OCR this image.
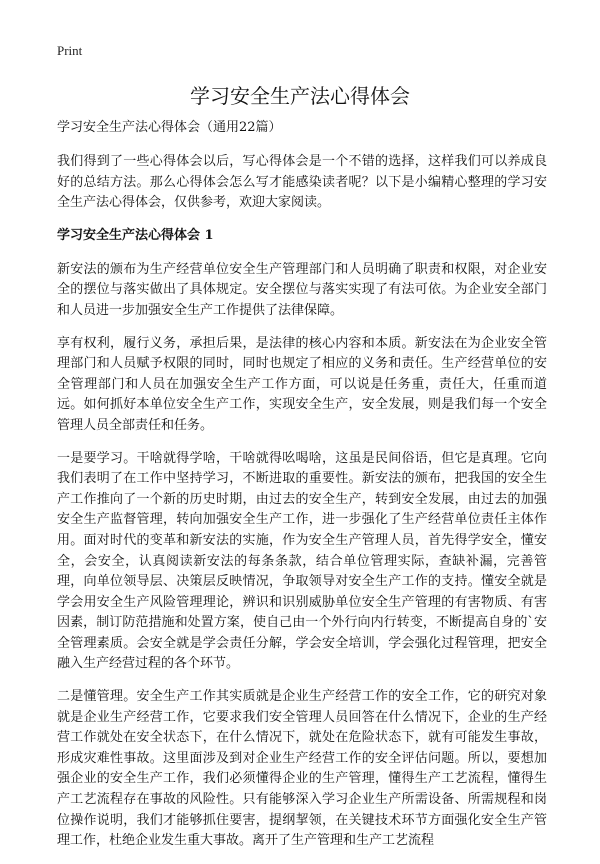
Print
学习安全生产法心得体会

学习安全生产法心得体会（通用22篇）

我们得到了一些心得体会以后，写心得体会是一个不错的选择，这样我们可以养成良好的总结方法。那么心得体会怎么写才能感染读者呢？以下是小编精心整理的学习安全生产法心得体会，仅供参考，欢迎大家阅读。

学习安全生产法心得体会 1

新安法的颁布为生产经营单位安全生产管理部门和人员明确了职责和权限，对企业安全的摆位与落实做出了具体规定。安全摆位与落实实现了有法可依。为企业安全部门和人员进一步加强安全生产工作提供了法律保障。

享有权利，履行义务，承担后果，是法律的核心内容和本质。新安法在为企业安全管理部门和人员赋予权限的同时，同时也规定了相应的义务和责任。生产经营单位的安全管理部门和人员在加强安全生产工作方面，可以说是任务重，责任大，任重而道远。如何抓好本单位安全生产工作，实现安全生产，安全发展，则是我们每一个安全管理人员全部责任和任务。

一是要学习。干啥就得学啥，干啥就得吆喝啥，这虽是民间俗语，但它是真理。它向我们表明了在工作中坚持学习，不断进取的重要性。新安法的颁布，把我国的安全生产工作推向了一个新的历史时期，由过去的安全生产，转到安全发展，由过去的加强安全生产监督管理，转向加强安全生产工作，进一步强化了生产经营单位责任主体作用。面对时代的变革和新安法的实施，作为安全生产管理人员，首先得学安全，懂安全，会安全，认真阅读新安法的每条条款，结合单位管理实际，查缺补漏，完善管理，向单位领导层、决策层反映情况，争取领导对安全生产工作的支持。懂安全就是学会用安全生产风险管理理论，辨识和识别威胁单位安全生产管理的有害物质、有害因素，制订防范措施和处置方案，使自己由一个外行向内行转变，不断提高自身的`安全管理素质。会安全就是学会责任分解，学会安全培训，学会强化过程管理，把安全融入生产经营过程的各个环节。

二是懂管理。安全生产工作其实质就是企业生产经营工作的安全工作，它的研究对象就是企业生产经营工作，它要求我们安全管理人员回答在什么情况下，企业的生产经营工作就处在安全状态下，在什么情况下，就处在危险状态下，就有可能发生事故，形成灾难性事故。这里面涉及到对企业生产经营工作的安全评估问题。所以，要想加强企业的安全生产工作，我们必须懂得企业的生产管理，懂得生产工艺流程，懂得生产工艺流程存在事故的风险性。只有能够深入学习企业生产所需设备、所需规程和岗位操作说明，我们才能够抓住要害，提纲挈领，在关键技术环节方面强化安全生产管理工作，杜绝企业发生重大事故。离开了生产管理和生产工艺流程
